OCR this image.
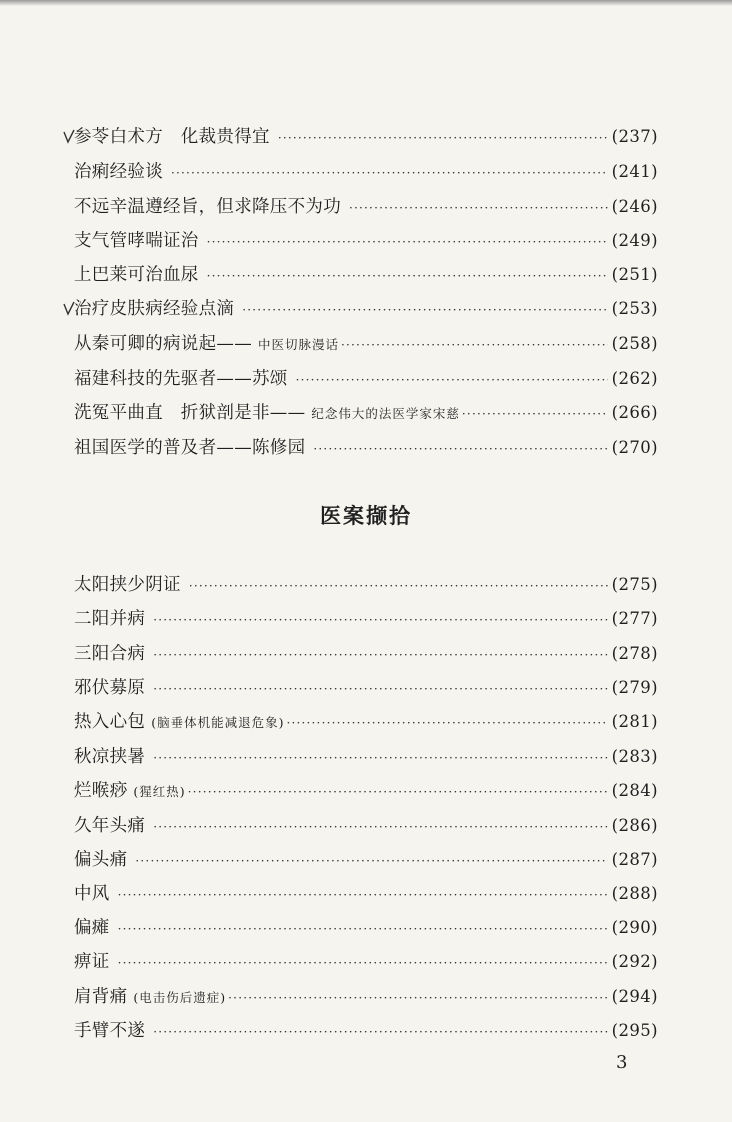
参苓白术方　化裁贵得宜 ·····	(237)
治痢经验谈 ·····	(241)
不远辛温遵经旨，但求降压不为功 ·····	(246)
支气管哮喘证治 ·····	(249)
上巴莱可治血尿 ·····	(251)
治疗皮肤病经验点滴 ·····	(253)
从秦可卿的病说起—— 中医切脉漫话 ·····	(258)
福建科技的先驱者——苏颂 ·····	(262)
洗冤平曲直　折狱剖是非—— 纪念伟大的法医学家宋慈 ·····	(266)
祖国医学的普及者——陈修园 ·····	(270)
医案撷拾
太阳挟少阴证 ·····	(275)
二阳并病 ·····	(277)
三阳合病 ·····	(278)
邪伏募原 ·····	(279)
热入心包 (脑垂体机能减退危象) ·····	(281)
秋凉挟暑 ·····	(283)
烂喉痧 (猩红热) ·····	(284)
久年头痛 ·····	(286)
偏头痛 ·····	(287)
中风 ·····	(288)
偏瘫 ·····	(290)
痹证 ·····	(292)
肩背痛 (电击伤后遗症) ·····	(294)
手臂不遂 ·····	(295)
3
